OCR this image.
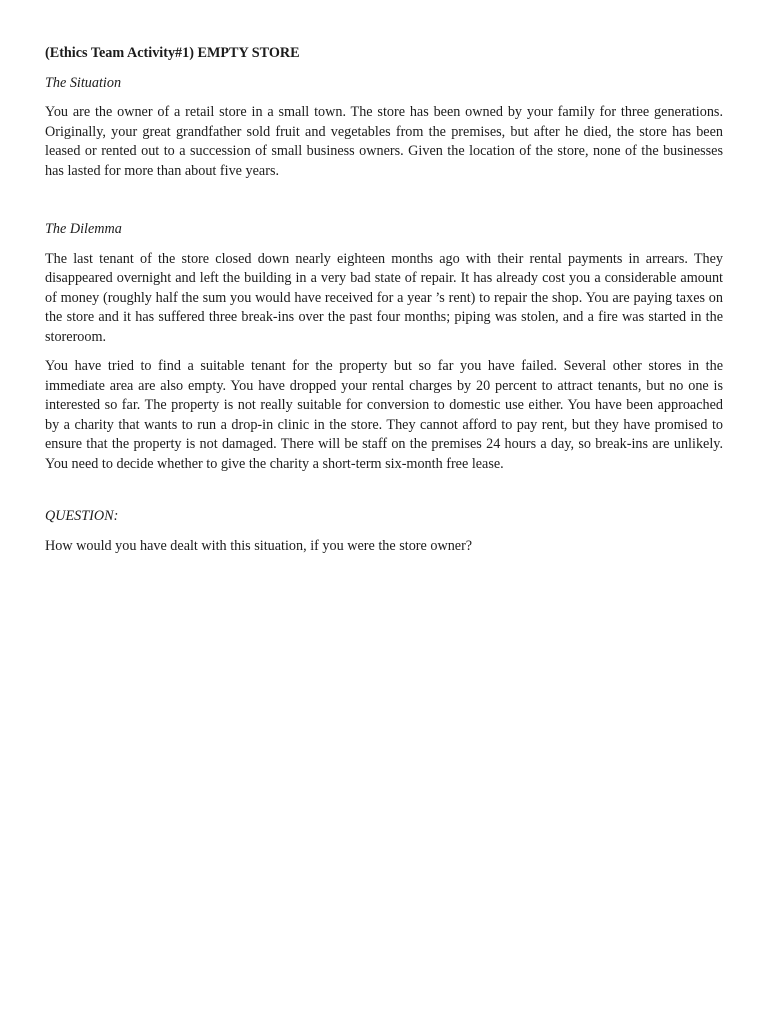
(Ethics Team Activity#1) EMPTY STORE

The Situation

You are the owner of a retail store in a small town. The store has been owned by your family for three generations. Originally, your great grandfather sold fruit and vegetables from the premises, but after he died, the store has been leased or rented out to a succession of small business owners. Given the location of the store, none of the businesses has lasted for more than about five years.

The Dilemma

The last tenant of the store closed down nearly eighteen months ago with their rental payments in arrears. They disappeared overnight and left the building in a very bad state of repair. It has already cost you a considerable amount of money (roughly half the sum you would have received for a year ’s rent) to repair the shop. You are paying taxes on the store and it has suffered three break-ins over the past four months; piping was stolen, and a fire was started in the storeroom.

You have tried to find a suitable tenant for the property but so far you have failed. Several other stores in the immediate area are also empty. You have dropped your rental charges by 20 percent to attract tenants, but no one is interested so far. The property is not really suitable for conversion to domestic use either. You have been approached by a charity that wants to run a drop-in clinic in the store. They cannot afford to pay rent, but they have promised to ensure that the property is not damaged. There will be staff on the premises 24 hours a day, so break-ins are unlikely. You need to decide whether to give the charity a short-term six-month free lease.

QUESTION:

How would you have dealt with this situation, if you were the store owner?
